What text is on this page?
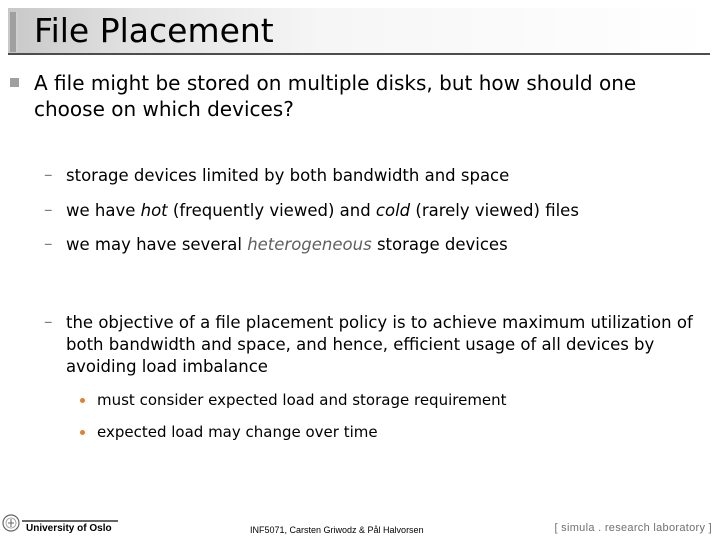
File Placement

A file might be stored on multiple disks, but how should one choose on which devices?

– storage devices limited by both bandwidth and space

– we have hot (frequently viewed) and cold (rarely viewed) files

– we may have several heterogeneous storage devices

– the objective of a file placement policy is to achieve maximum utilization of both bandwidth and space, and hence, efficient usage of all devices by avoiding load imbalance

must consider expected load and storage requirement

expected load may change over time

University of Oslo	INF5071, Carsten Griwodz & Pål Halvorsen	[ simula . research laboratory ]
